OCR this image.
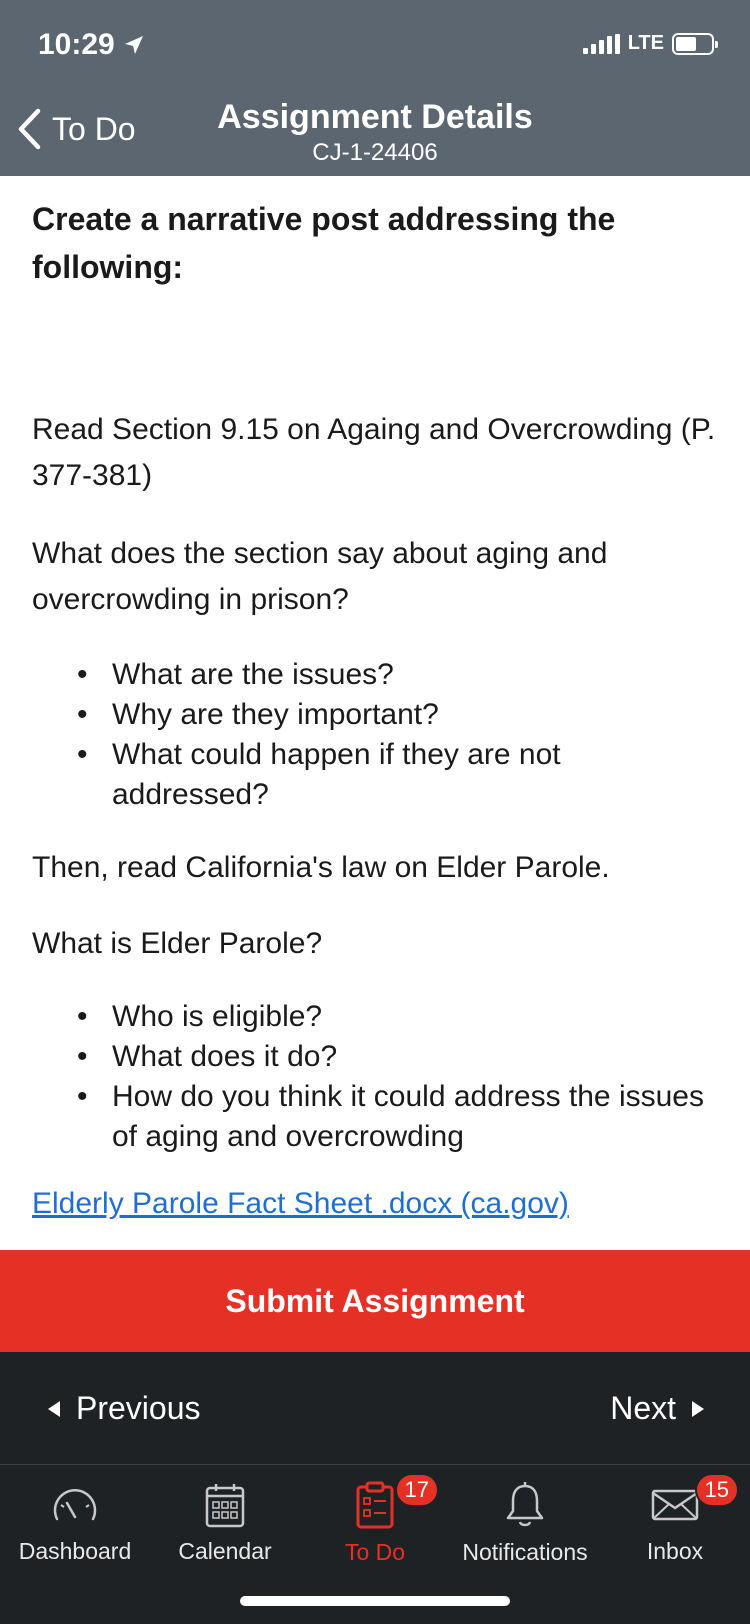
10:29	LTE
To Do	Assignment Details
CJ-1-24406
Create a narrative post addressing the following:
Read Section 9.15 on Againg and Overcrowding (P. 377-381)
What does the section say about aging and overcrowding in prison?
• What are the issues?
• Why are they important?
• What could happen if they are not addressed?
Then, read California's law on Elder Parole.
What is Elder Parole?
• Who is eligible?
• What does it do?
• How do you think it could address the issues of aging and overcrowding
Elderly Parole Fact Sheet .docx (ca.gov)
Submit Assignment
Previous	Next
Dashboard Calendar
17
To Do Notifications
15
Inbox
